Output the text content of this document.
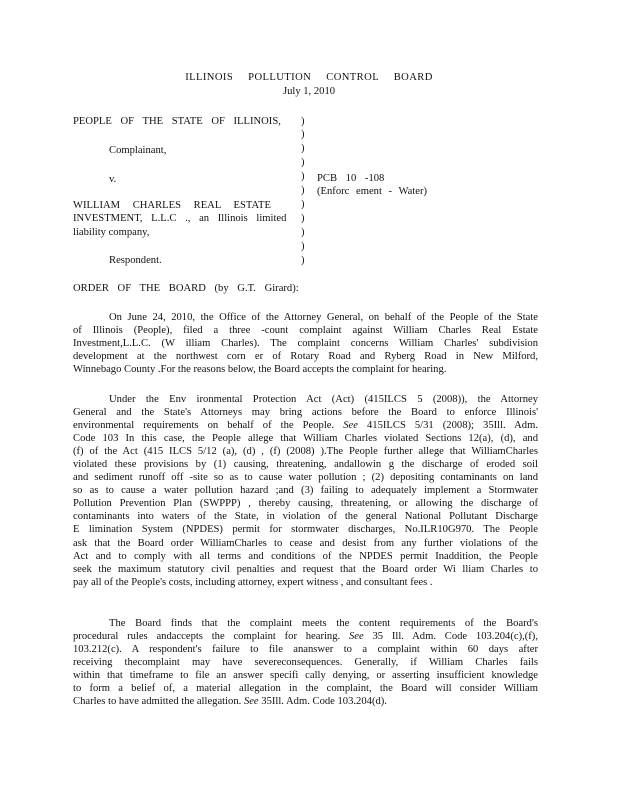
ILLINOIS POLLUTION CONTROL BOARD
July 1, 2010
PEOPLE OF THE STATE OF ILLINOIS,
Complainant,
v.
WILLIAM CHARLES REAL ESTATE
INVESTMENT, L.L.C ., an Illinois limited
liability company,
Respondent.
PCB 10 -108
(Enforc ement - Water)
)
)
)
)
)
)
)
)
)
)
)
ORDER OF THE BOARD (by G.T. Girard):
On June 24, 2010, the Office of the Attorney General, on behalf of the People of the State
of Illinois (People), filed a three -count complaint against William Charles Real Estate
Investment,L.L.C. (W illiam Charles). The complaint concerns William Charles' subdivision
development at the northwest corn er of Rotary Road and Ryberg Road in New Milford,
Winnebago County .For the reasons below, the Board accepts the complaint for hearing.
Under the Env ironmental Protection Act (Act) (415ILCS 5 (2008)), the Attorney
General and the State's Attorneys may bring actions before the Board to enforce Illinois'
environmental requirements on behalf of the People. See 415ILCS 5/31 (2008); 35Ill. Adm.
Code 103 In this case, the People allege that William Charles violated Sections 12(a), (d), and
(f) of the Act (415 ILCS 5/12 (a), (d) , (f) (2008) ).The People further allege that WilliamCharles
violated these provisions by (1) causing, threatening, andallowin g the discharge of eroded soil
and sediment runoff off -site so as to cause water pollution ; (2) depositing contaminants on land
so as to cause a water pollution hazard ;and (3) failing to adequately implement a Stormwater
Pollution Prevention Plan (SWPPP) , thereby causing, threatening, or allowing the discharge of
contaminants into waters of the State, in violation of the general National Pollutant Discharge
E limination System (NPDES) permit for stormwater discharges, No.ILR10G970. The People
ask that the Board order WilliamCharles to cease and desist from any further violations of the
Act and to comply with all terms and conditions of the NPDES permit Inaddition, the People
seek the maximum statutory civil penalties and request that the Board order Wi lliam Charles to
pay all of the People's costs, including attorney, expert witness , and consultant fees .
The Board finds that the complaint meets the content requirements of the Board's
procedural rules andaccepts the complaint for hearing. See 35 Ill. Adm. Code 103.204(c),(f),
103.212(c). A respondent's failure to file ananswer to a complaint within 60 days after
receiving thecomplaint may have severeconsequences. Generally, if William Charles fails
within that timeframe to file an answer specifi cally denying, or asserting insufficient knowledge
to form a belief of, a material allegation in the complaint, the Board will consider William
Charles to have admitted the allegation. See 35Ill. Adm. Code 103.204(d).
